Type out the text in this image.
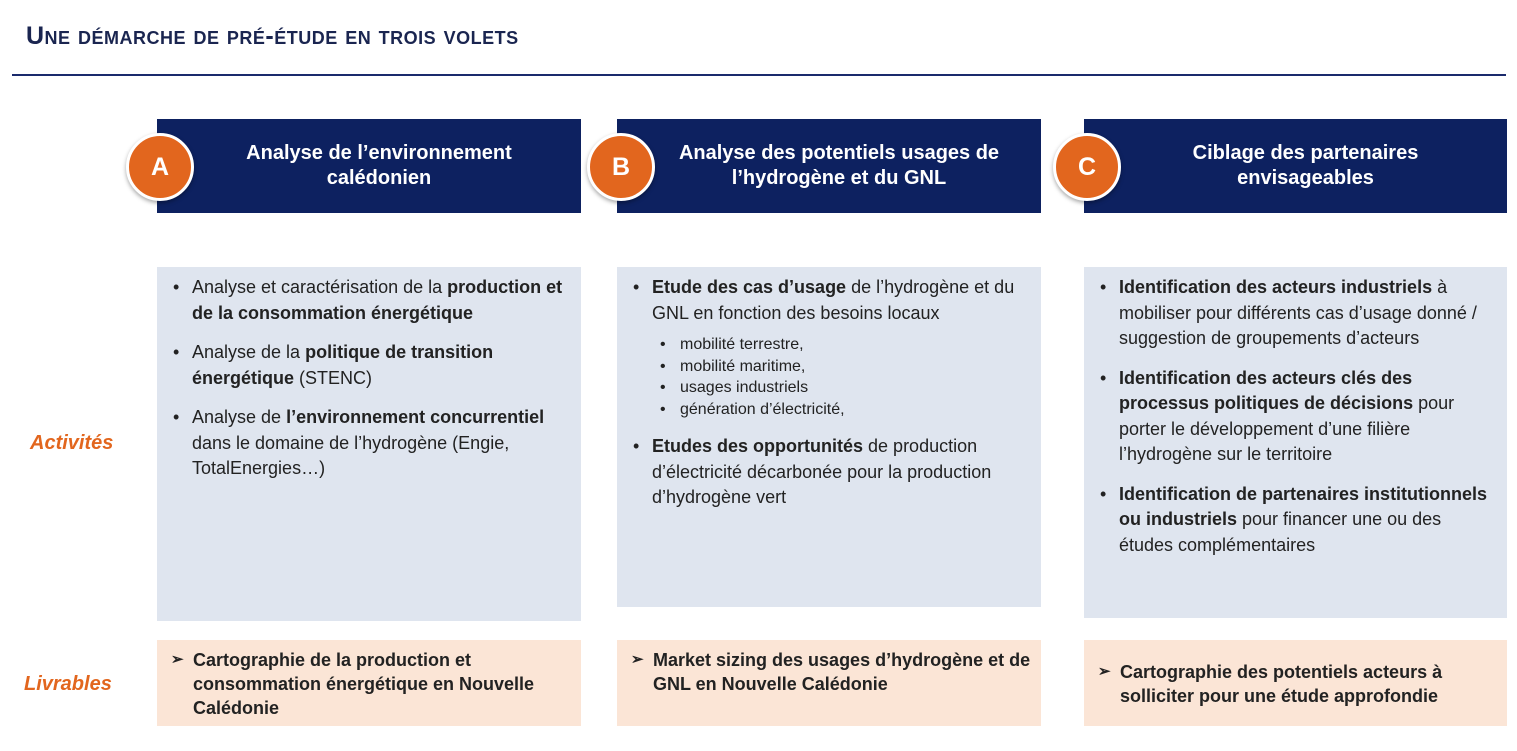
Une démarche de pré-étude en trois volets
Activités
Livrables
Analyse de l’environnement calédonien
A
• Analyse et caractérisation de la production et de la consommation énergétique
• Analyse de la politique de transition énergétique (STENC)
• Analyse de l’environnement concurrentiel dans le domaine de l’hydrogène (Engie, TotalEnergies…)
➢ Cartographie de la production et consommation énergétique en Nouvelle Calédonie
Analyse des potentiels usages de l’hydrogène et du GNL
B
• Etude des cas d’usage de l’hydrogène et du GNL en fonction des besoins locaux
• mobilité terrestre,
• mobilité maritime,
• usages industriels
• génération d’électricité,
• Etudes des opportunités de production d’électricité décarbonée pour la production d’hydrogène vert
➢ Market sizing des usages d’hydrogène et de GNL en Nouvelle Calédonie
Ciblage des partenaires envisageables
C
• Identification des acteurs industriels à mobiliser pour différents cas d’usage donné / suggestion de groupements d’acteurs
• Identification des acteurs clés des processus politiques de décisions pour porter le développement d’une filière l’hydrogène sur le territoire
• Identification de partenaires institutionnels ou industriels pour financer une ou des études complémentaires
➢ Cartographie des potentiels acteurs à solliciter pour une étude approfondie
